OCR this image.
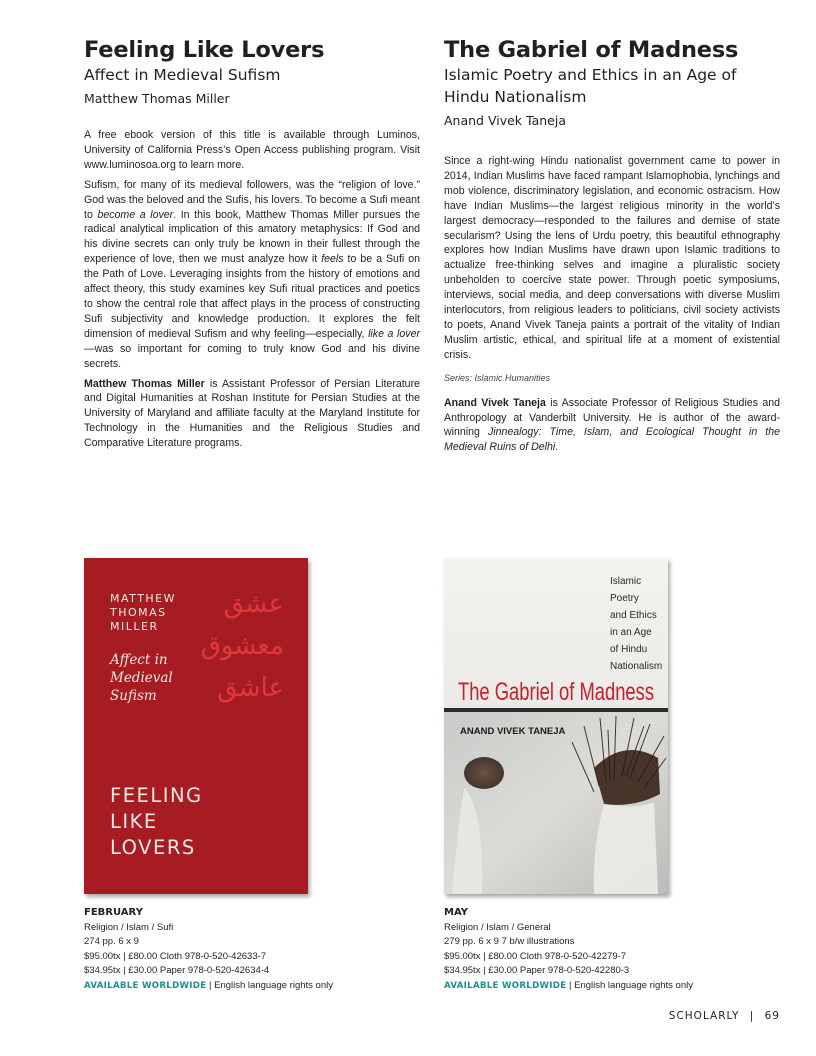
Feeling Like Lovers
Affect in Medieval Sufism
Matthew Thomas Miller

A free ebook version of this title is available through Luminos, University of California Press’s Open Access publishing program. Visit www.luminosoa.org to learn more.

Sufism, for many of its medieval followers, was the “religion of love.” God was the beloved and the Sufis, his lovers. To become a Sufi meant to become a lover. In this book, Matthew Thomas Miller pursues the radical analytical implication of this amatory metaphysics: If God and his divine secrets can only truly be known in their fullest through the experience of love, then we must analyze how it feels to be a Sufi on the Path of Love. Leveraging insights from the history of emotions and affect theory, this study examines key Sufi ritual practices and poetics to show the central role that affect plays in the process of constructing Sufi subjectivity and knowledge production. It explores the felt dimension of medieval Sufism and why feeling—especially, like a lover—was so important for coming to truly know God and his divine secrets.

Matthew Thomas Miller is Assistant Professor of Persian Literature and Digital Humanities at Roshan Institute for Persian Studies at the University of Maryland and affiliate faculty at the Maryland Institute for Technology in the Humanities and the Religious Studies and Comparative Literature programs.

The Gabriel of Madness
Islamic Poetry and Ethics in an Age of Hindu Nationalism
Anand Vivek Taneja

Since a right-wing Hindu nationalist government came to power in 2014, Indian Muslims have faced rampant Islamophobia, lynchings and mob violence, discriminatory legislation, and economic ostracism. How have Indian Muslims—the largest religious minority in the world’s largest democracy—responded to the failures and demise of state secularism? Using the lens of Urdu poetry, this beautiful ethnography explores how Indian Muslims have drawn upon Islamic traditions to actualize free-thinking selves and imagine a pluralistic society unbeholden to coercive state power. Through poetic symposiums, interviews, social media, and deep conversations with diverse Muslim interlocutors, from religious leaders to politicians, civil society activists to poets, Anand Vivek Taneja paints a portrait of the vitality of Indian Muslim artistic, ethical, and spiritual life at a moment of existential crisis.

Series: Islamic Humanities

Anand Vivek Taneja is Associate Professor of Religious Studies and Anthropology at Vanderbilt University. He is author of the award-winning Jinnealogy: Time, Islam, and Ecological Thought in the Medieval Ruins of Delhi.

MATTHEW
THOMAS
MILLER
Affect in
Medieval
Sufism
عشق
معشوق
عاشق
FEELING
LIKE
LOVERS
Islamic
Poetry
and Ethics
in an Age
of Hindu
Nationalism
The Gabriel of Madness
ANAND VIVEK TANEJA
FEBRUARY
Religion / Islam / Sufi
274 pp. 6 x 9
$95.00tx | £80.00 Cloth 978-0-520-42633-7
$34.95tx | £30.00 Paper 978-0-520-42634-4
AVAILABLE WORLDWIDE | English language rights only
MAY
Religion / Islam / General
279 pp. 6 x 9 7 b/w illustrations
$95.00tx | £80.00 Cloth 978-0-520-42279-7
$34.95tx | £30.00 Paper 978-0-520-42280-3
AVAILABLE WORLDWIDE | English language rights only
SCHOLARLY | 69
